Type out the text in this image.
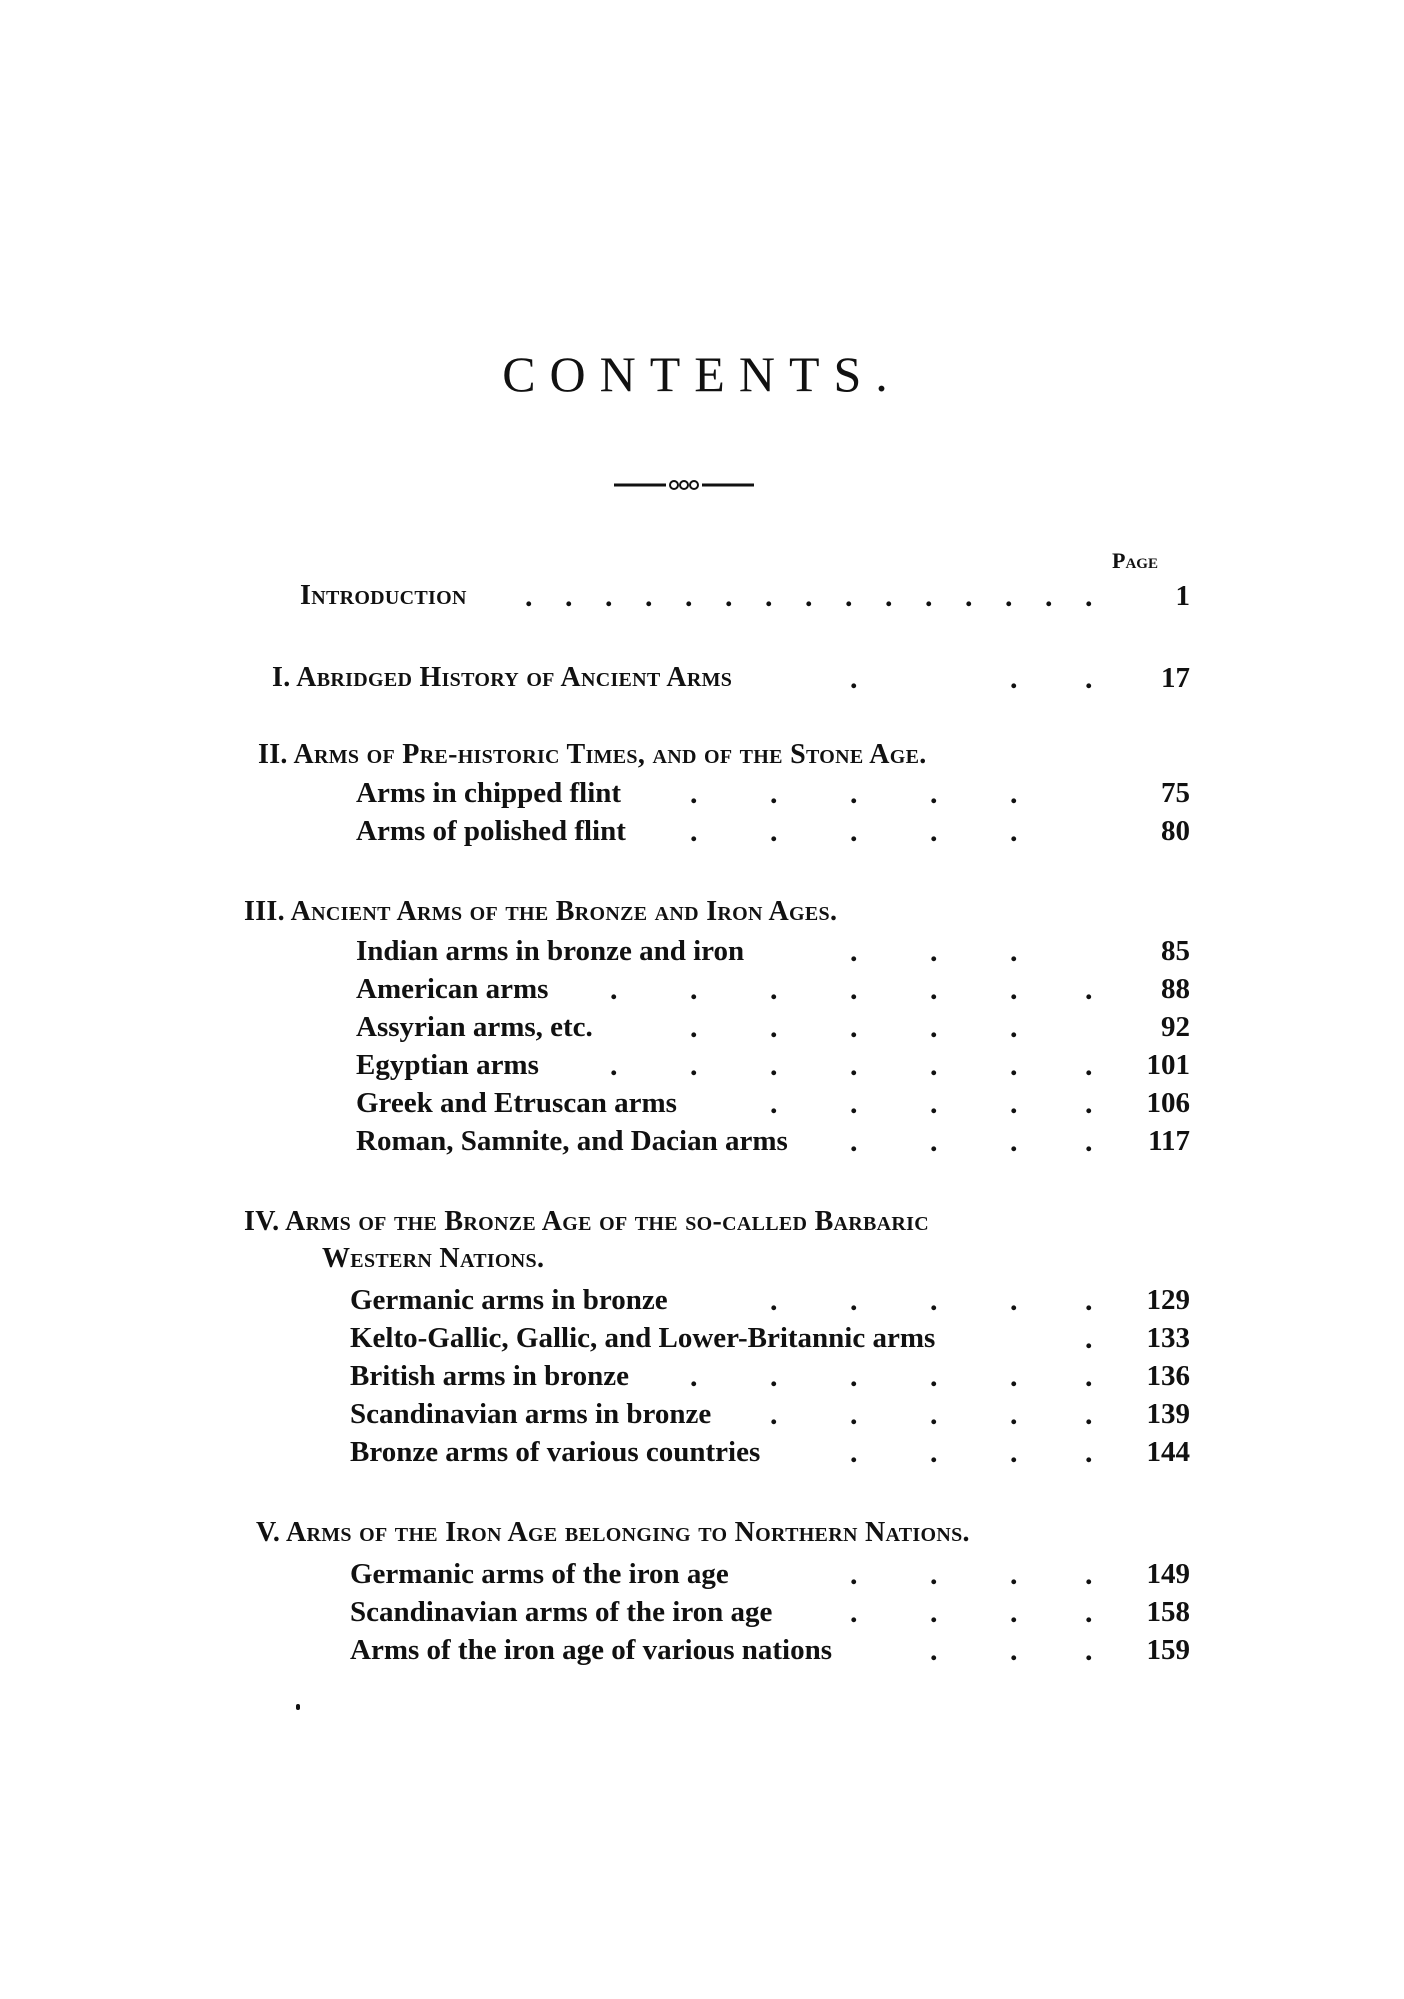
CONTENTS.
Page
Introduction . . . . . . . . . . . . . . .	1
I. Abridged History of Ancient Arms	.	. . 17
II. Arms of Pre-historic Times, and of the Stone Age.
Arms in chipped flint . . . . .	75
Arms of polished flint . . . . .	80
III. Ancient Arms of the Bronze and Iron Ages.
Indian arms in bronze and iron	. . .	85
American arms . . . . . . . 88
Assyrian arms, etc.	. . . . .	92
Egyptian arms . . . . . . . 101
Greek and Etruscan arms	. . . . . 106
Roman, Samnite, and Dacian arms . . . . 117
IV. Arms of the Bronze Age of the so-called Barbaric
Western Nations.
Germanic arms in bronze	. . . . . 129
Kelto-Gallic, Gallic, and Lower-Britannic arms	. 133
British arms in bronze . . . . . . 136
Scandinavian arms in bronze . . . . . 139
Bronze arms of various countries	. . . . 144
V. Arms of the Iron Age belonging to Northern Nations.
Germanic arms of the iron age	. . . . 149
Scandinavian arms of the iron age	. . . . 158
Arms of the iron age of various nations	. . . 159
